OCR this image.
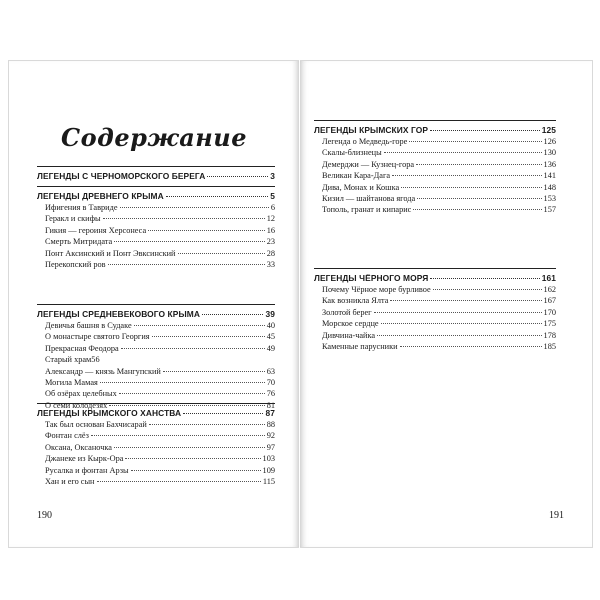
Содержание
190
ЛЕГЕНДЫ С ЧЕРНОМОРСКОГО БЕРЕГА	3
ЛЕГЕНДЫ ДРЕВНЕГО КРЫМА	5
Ифигения в Тавриде	6
Геракл и скифы	12
Гикия — героиня Херсонеса	16
Смерть Митридата	23
Понт Аксинский и Понт Эвксинский	28
Перекопский ров	33
ЛЕГЕНДЫ СРЕДНЕВЕКОВОГО КРЫМА	39
Девичья башня в Судаке	40
О монастыре святого Георгия	45
Прекрасная Феодора	49
Старый храм56
Александр — князь Мангупский	63
Могила Мамая	70
Об озёрах целебных	76
О семи колодезях	81
ЛЕГЕНДЫ КРЫМСКОГО ХАНСТВА	87
Так был основан Бахчисарай	88
Фонтан слёз	92
Оксана, Оксаночка	97
Джанеке из Кырк-Ора	103
Русалка и фонтан Арзы	109
Хан и его сын	115
191
ЛЕГЕНДЫ КРЫМСКИХ ГОР	125
Легенда о Медведь-горе	126
Скалы-близнецы	130
Демерджи — Кузнец-гора	136
Великан Кара-Дага	141
Дива, Монах и Кошка	148
Кизил — шайтанова ягода	153
Тополь, гранат и кипарис	157
ЛЕГЕНДЫ ЧЁРНОГО МОРЯ	161
Почему Чёрное море бурливое	162
Как возникла Ялта	167
Золотой берег	170
Морское сердце	175
Дивчина-чайка	178
Каменные парусники	185
